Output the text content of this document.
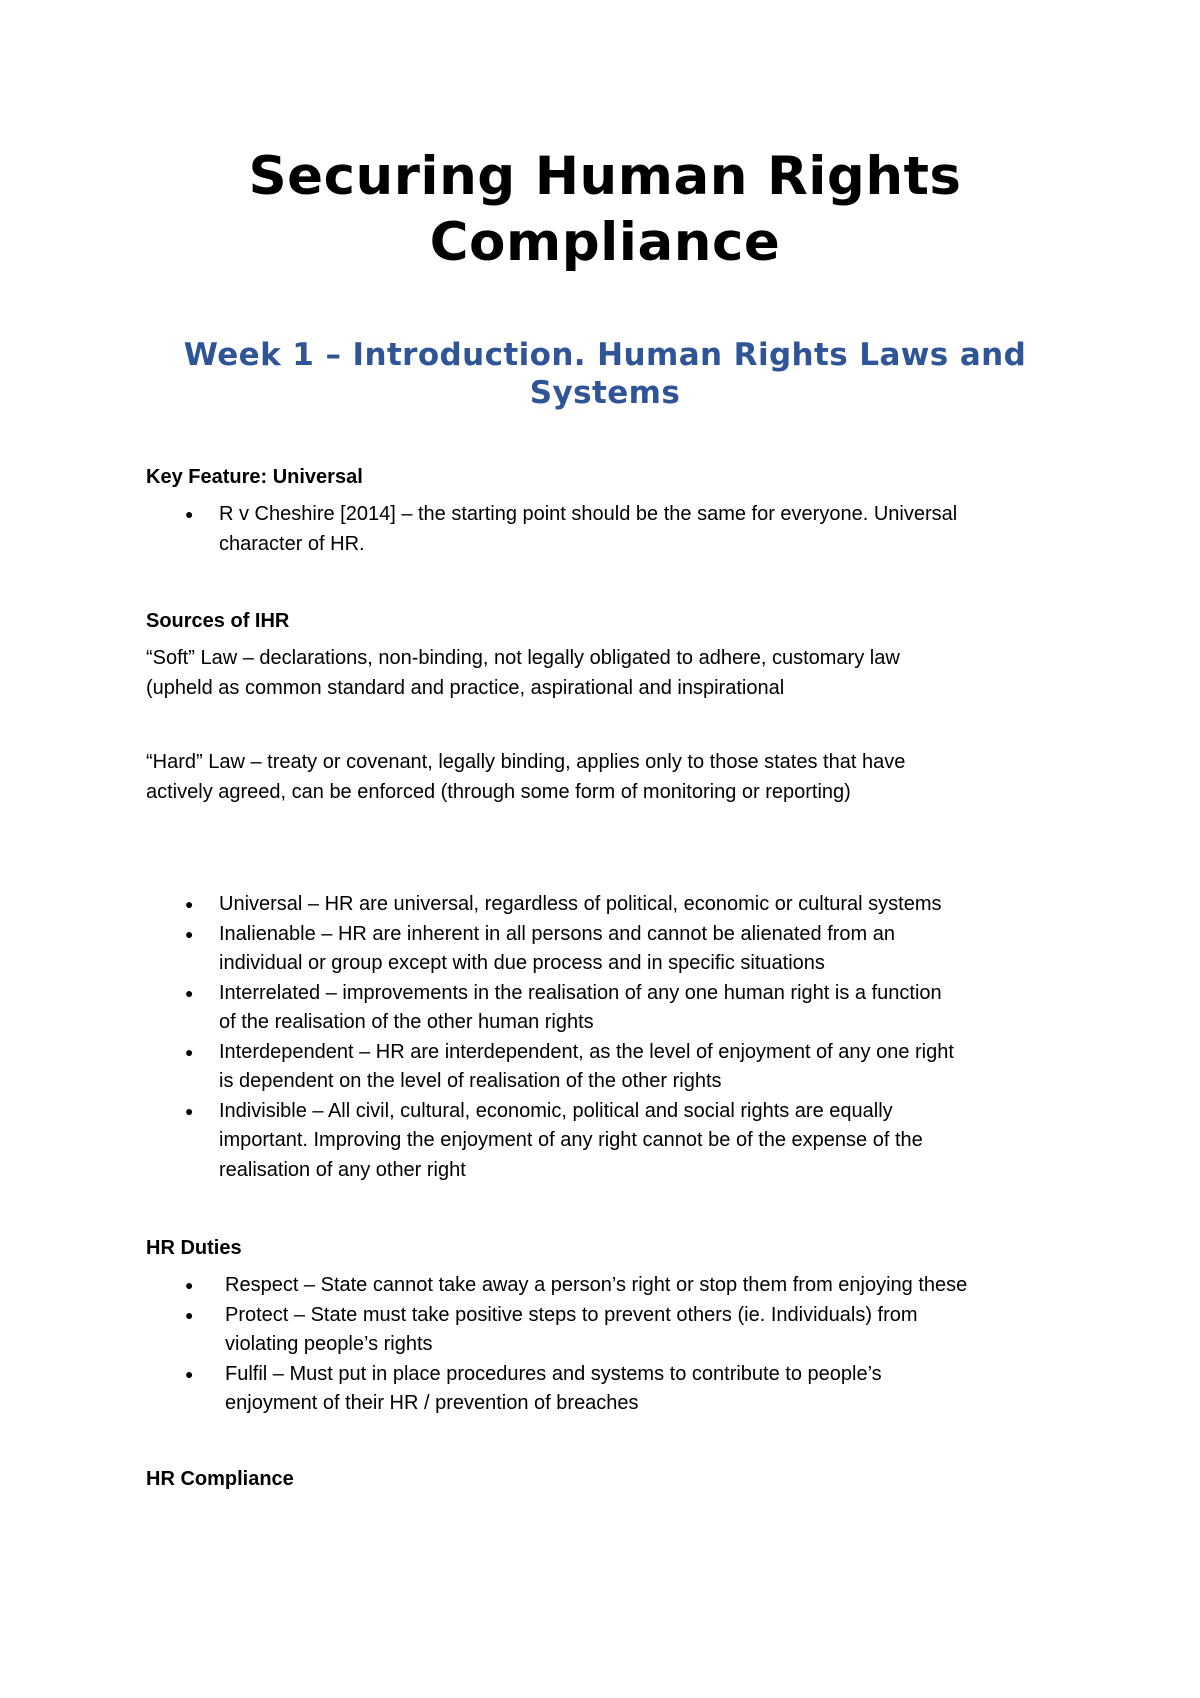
Securing Human Rights
Compliance
Week 1 – Introduction. Human Rights Laws and
Systems
Key Feature: Universal
● R v Cheshire [2014] – the starting point should be the same for everyone. Universal
character of HR.
Sources of IHR
“Soft” Law – declarations, non-binding, not legally obligated to adhere, customary law
(upheld as common standard and practice, aspirational and inspirational
“Hard” Law – treaty or covenant, legally binding, applies only to those states that have
actively agreed, can be enforced (through some form of monitoring or reporting)
● Universal – HR are universal, regardless of political, economic or cultural systems
● Inalienable – HR are inherent in all persons and cannot be alienated from an
individual or group except with due process and in specific situations
● Interrelated – improvements in the realisation of any one human right is a function
of the realisation of the other human rights
● Interdependent – HR are interdependent, as the level of enjoyment of any one right
is dependent on the level of realisation of the other rights
● Indivisible – All civil, cultural, economic, political and social rights are equally
important. Improving the enjoyment of any right cannot be of the expense of the
realisation of any other right
HR Duties
● Respect – State cannot take away a person’s right or stop them from enjoying these
● Protect – State must take positive steps to prevent others (ie. Individuals) from
violating people’s rights
● Fulfil – Must put in place procedures and systems to contribute to people’s
enjoyment of their HR / prevention of breaches
HR Compliance
